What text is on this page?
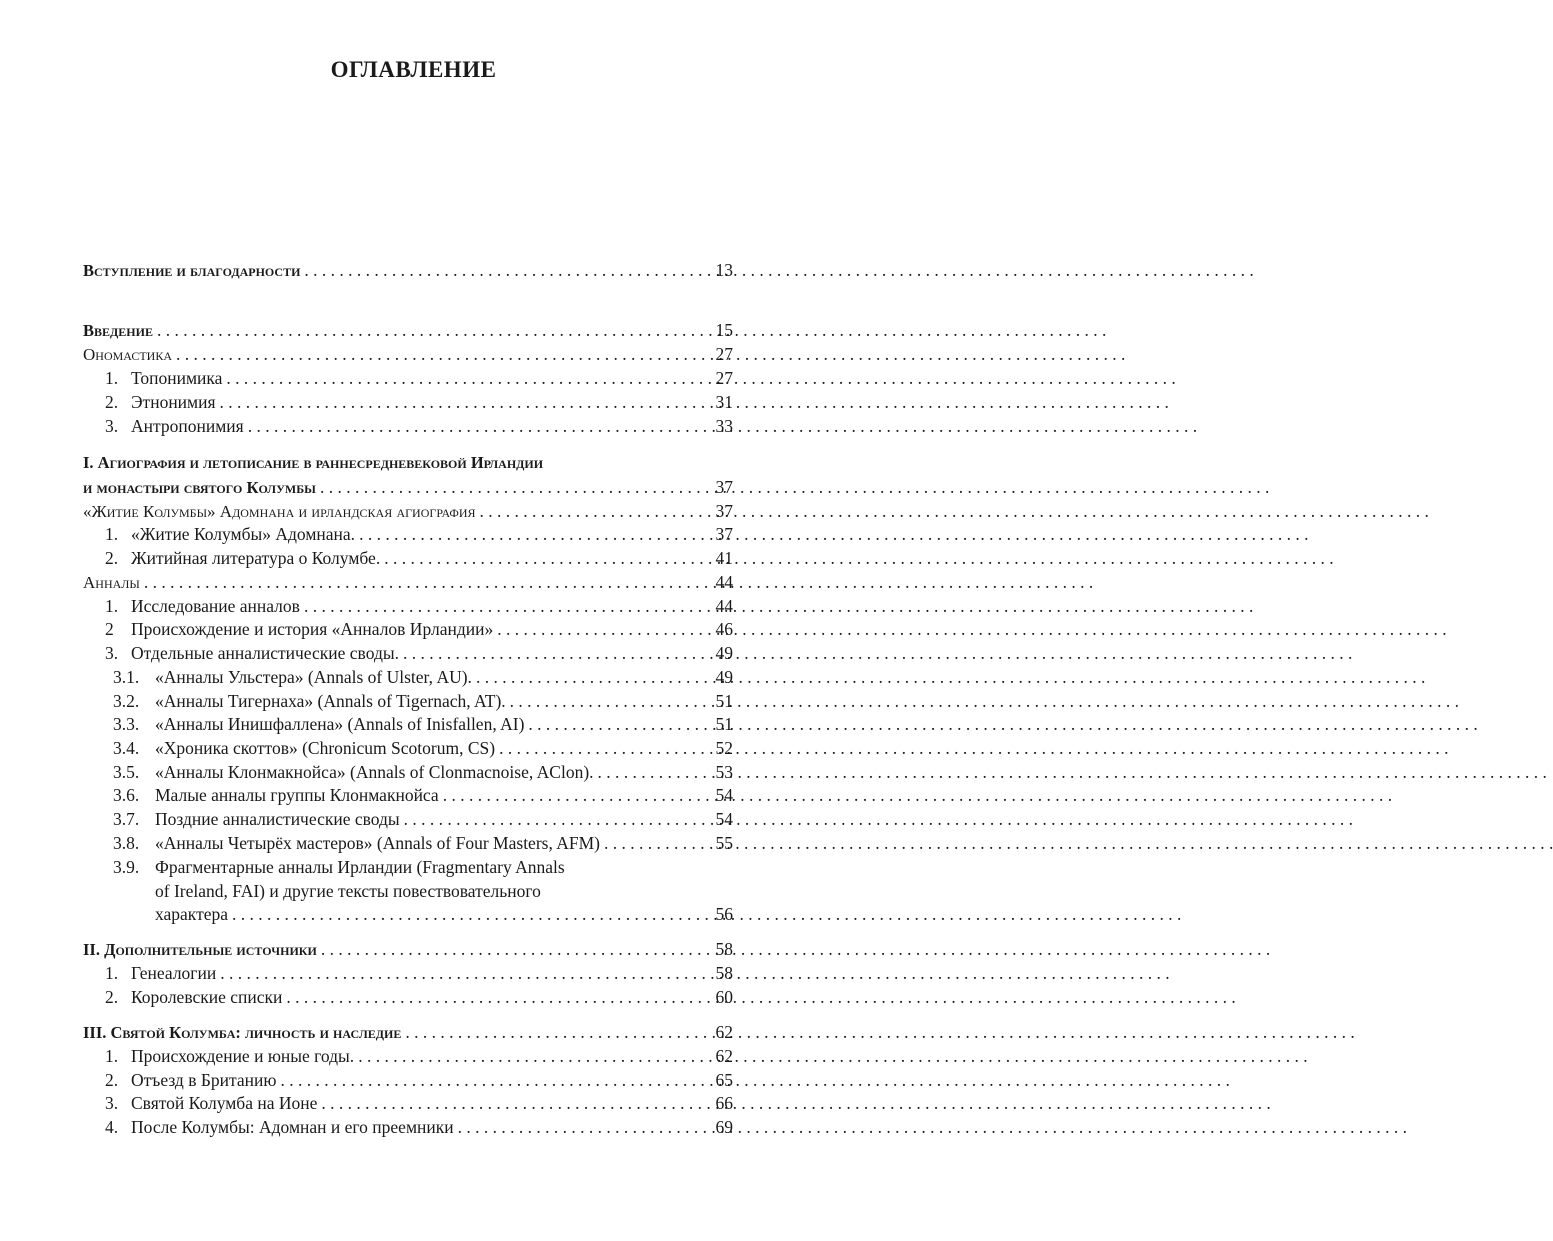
ОГЛАВЛЕНИЕ
Вступление и благодарности . . .	13
Введение . . .	15
Ономастика . . .	27
1. Топонимика . . .	27
2. Этнонимия . . .	31
3. Антропонимия . . .	33
I. Агиография и летописание в раннесредневековой Ирландии
и монастыри святого Колумбы . . .	37
«Житие Колумбы» Адомнана и ирландская агиография . . .	37
1. «Житие Колумбы» Адомнана. . . .	37
2. Житийная литература о Колумбе. . . .	41
Анналы . . .	44
1. Исследование анналов . . .	44
2 Происхождение и история «Анналов Ирландии» . . .	46
3. Отдельные анналистические своды. . . .	49
3.1. «Анналы Ульстера» (Annals of Ulster, AU). . . .	49
3.2. «Анналы Тигернаха» (Annals of Tigernach, AT). . . .	51
3.3. «Анналы Инишфаллена» (Annals of Inisfallen, AI) . . .	51
3.4. «Хроника скоттов» (Chronicum Scotorum, CS) . . .	52
3.5. «Анналы Клонмакнойса» (Annals of Clonmacnoise, AClon). . . .	53
3.6. Малые анналы группы Клонмакнойса . . .	54
3.7. Поздние анналистические своды . . .	54
3.8. «Анналы Четырёх мастеров» (Annals of Four Masters, AFM) . . .	55
3.9. Фрагментарные анналы Ирландии (Fragmentary Annals
of Ireland, FAI) и другие тексты повествовательного
характера . . .	56
II. Дополнительные источники . . .	58
1. Генеалогии . . .	58
2. Королевские списки . . .	60
III. Святой Колумба: личность и наследие . . .	62
1. Происхождение и юные годы. . . .	62
2. Отъезд в Британию . . .	65
3. Святой Колумба на Ионе . . .	66
4. После Колумбы: Адомнан и его преемники . . .	69
